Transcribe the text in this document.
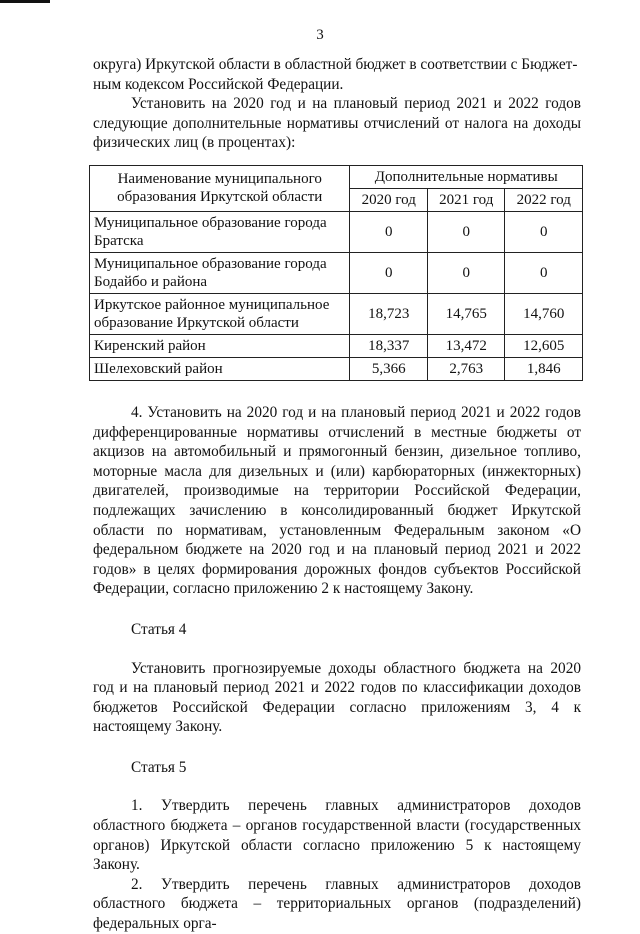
3

округа) Иркутской области в областной бюджет в соответствии с Бюджет-

ным кодексом Российской Федерации.

Установить на 2020 год и на плановый период 2021 и 2022 годов следующие дополнительные нормативы отчислений от налога на доходы физических лиц (в процентах):

Наименование муниципального образования Иркутской области	Дополнительные нормативы		
	2020 год	2021 год	2022 год
Муниципальное образование города Братска	0	0	0
Муниципальное образование города Бодайбо и района	0	0	0
Иркутское районное муниципальное образование Иркутской области	18,723	14,765	14,760
Киренский район	18,337	13,472	12,605
Шелеховский район	5,366	2,763	1,846

4. Установить на 2020 год и на плановый период 2021 и 2022 годов дифференцированные нормативы отчислений в местные бюджеты от акцизов на автомобильный и прямогонный бензин, дизельное топливо, моторные масла для дизельных и (или) карбюраторных (инжекторных) двигателей, производимые на территории Российской Федерации, подлежащих зачислению в консолидированный бюджет Иркутской области по нормативам, установленным Федеральным законом «О федеральном бюджете на 2020 год и на плановый период 2021 и 2022 годов» в целях формирования дорожных фондов субъектов Российской Федерации, согласно приложению 2 к настоящему Закону.

Статья 4

Установить прогнозируемые доходы областного бюджета на 2020 год и на плановый период 2021 и 2022 годов по классификации доходов бюджетов Российской Федерации согласно приложениям 3, 4 к настоящему Закону.

Статья 5

1. Утвердить перечень главных администраторов доходов областного бюджета – органов государственной власти (государственных органов) Иркутской области согласно приложению 5 к настоящему Закону.

2. Утвердить перечень главных администраторов доходов областного бюджета – территориальных органов (подразделений) федеральных орга-
